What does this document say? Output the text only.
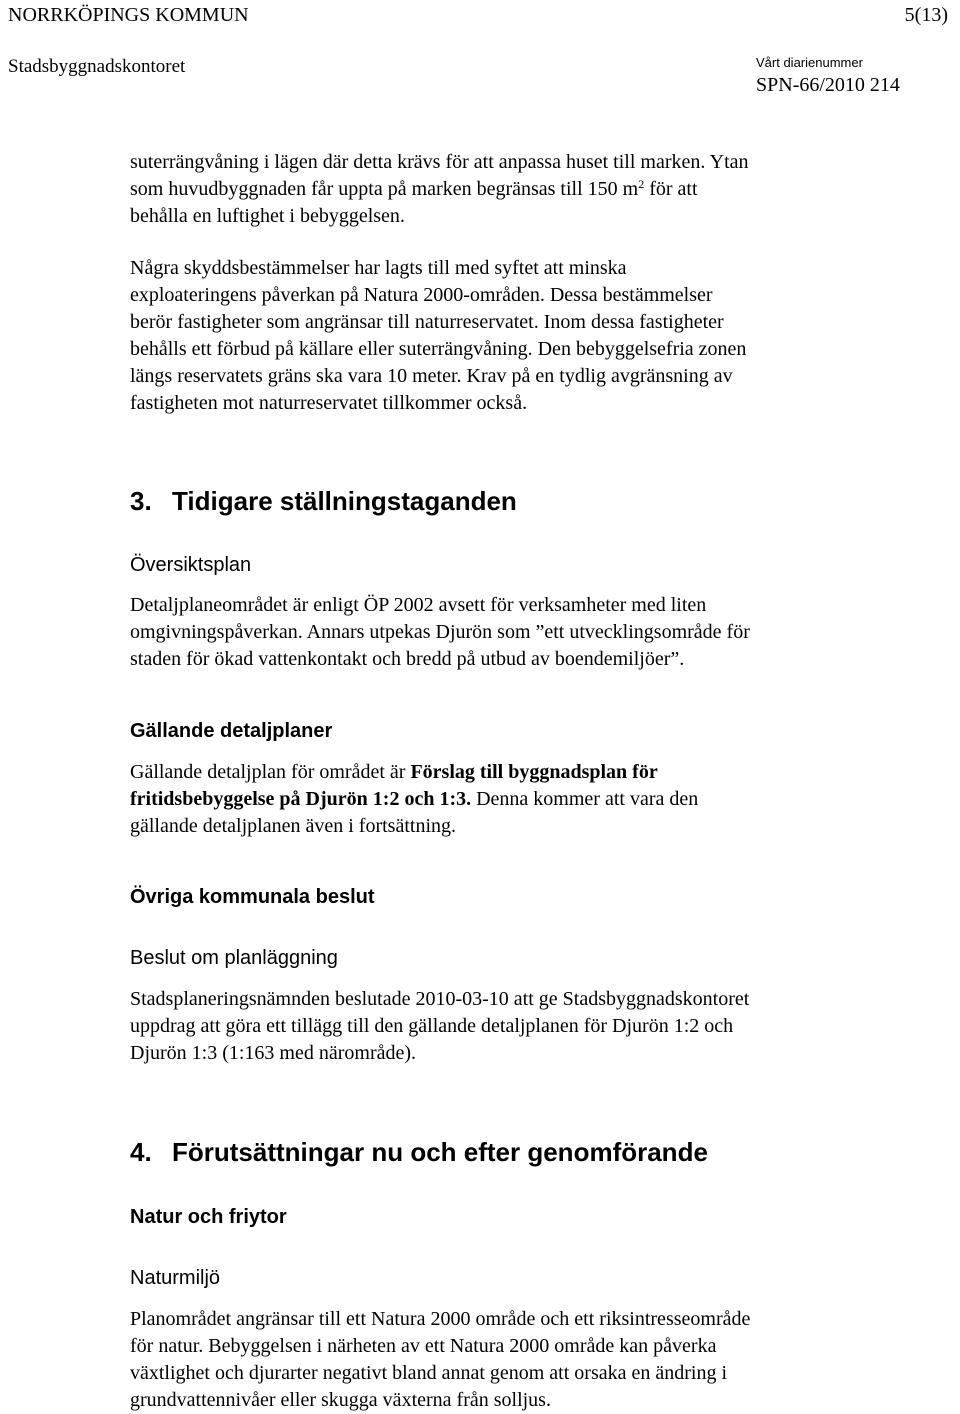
NORRKÖPINGS KOMMUN	5(13)
Stadsbyggnadskontoret	Vårt diarienummer
SPN-66/2010 214

suterrängvåning i lägen där detta krävs för att anpassa huset till marken. Ytan
som huvudbyggnaden får uppta på marken begränsas till 150 $m^2$ för att
behålla en luftighet i bebyggelsen.

Några skyddsbestämmelser har lagts till med syftet att minska
exploateringens påverkan på Natura 2000-områden. Dessa bestämmelser
berör fastigheter som angränsar till naturreservatet. Inom dessa fastigheter
behålls ett förbud på källare eller suterrängvåning. Den bebyggelsefria zonen
längs reservatets gräns ska vara 10 meter. Krav på en tydlig avgränsning av
fastigheten mot naturreservatet tillkommer också.

3. Tidigare ställningstaganden
Översiktsplan

Detaljplaneområdet är enligt ÖP 2002 avsett för verksamheter med liten
omgivningspåverkan. Annars utpekas Djurön som ”ett utvecklingsområde för
staden för ökad vattenkontakt och bredd på utbud av boendemiljöer”.

Gällande detaljplaner

Gällande detaljplan för området är Förslag till byggnadsplan för
fritidsbebyggelse på Djurön 1:2 och 1:3. Denna kommer att vara den
gällande detaljplanen även i fortsättning.

Övriga kommunala beslut
Beslut om planläggning

Stadsplaneringsnämnden beslutade 2010-03-10 att ge Stadsbyggnadskontoret
uppdrag att göra ett tillägg till den gällande detaljplanen för Djurön 1:2 och
Djurön 1:3 (1:163 med närområde).

4. Förutsättningar nu och efter genomförande
Natur och friytor
Naturmiljö

Planområdet angränsar till ett Natura 2000 område och ett riksintresseområde
för natur. Bebyggelsen i närheten av ett Natura 2000 område kan påverka
växtlighet och djurarter negativt bland annat genom att orsaka en ändring i
grundvattennivåer eller skugga växterna från solljus.
